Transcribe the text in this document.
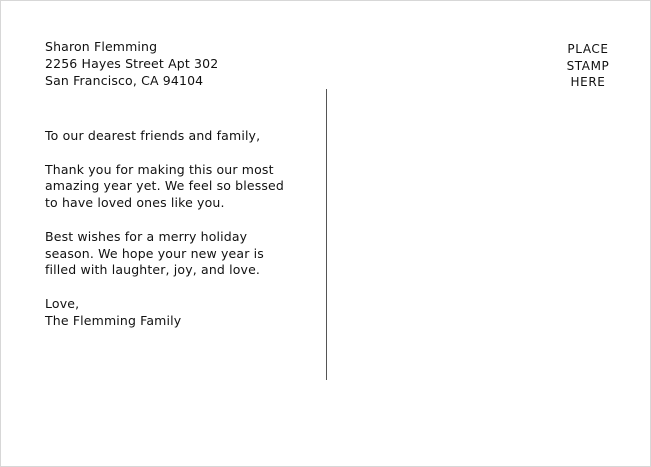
Sharon Flemming
2256 Hayes Street Apt 302
San Francisco, CA 94104
PLACE
STAMP
HERE

To our dearest friends and family,

Thank you for making this our most amazing year yet. We feel so blessed to have loved ones like you.

Best wishes for a merry holiday season. We hope your new year is filled with laughter, joy, and love.

Love,
The Flemming Family
